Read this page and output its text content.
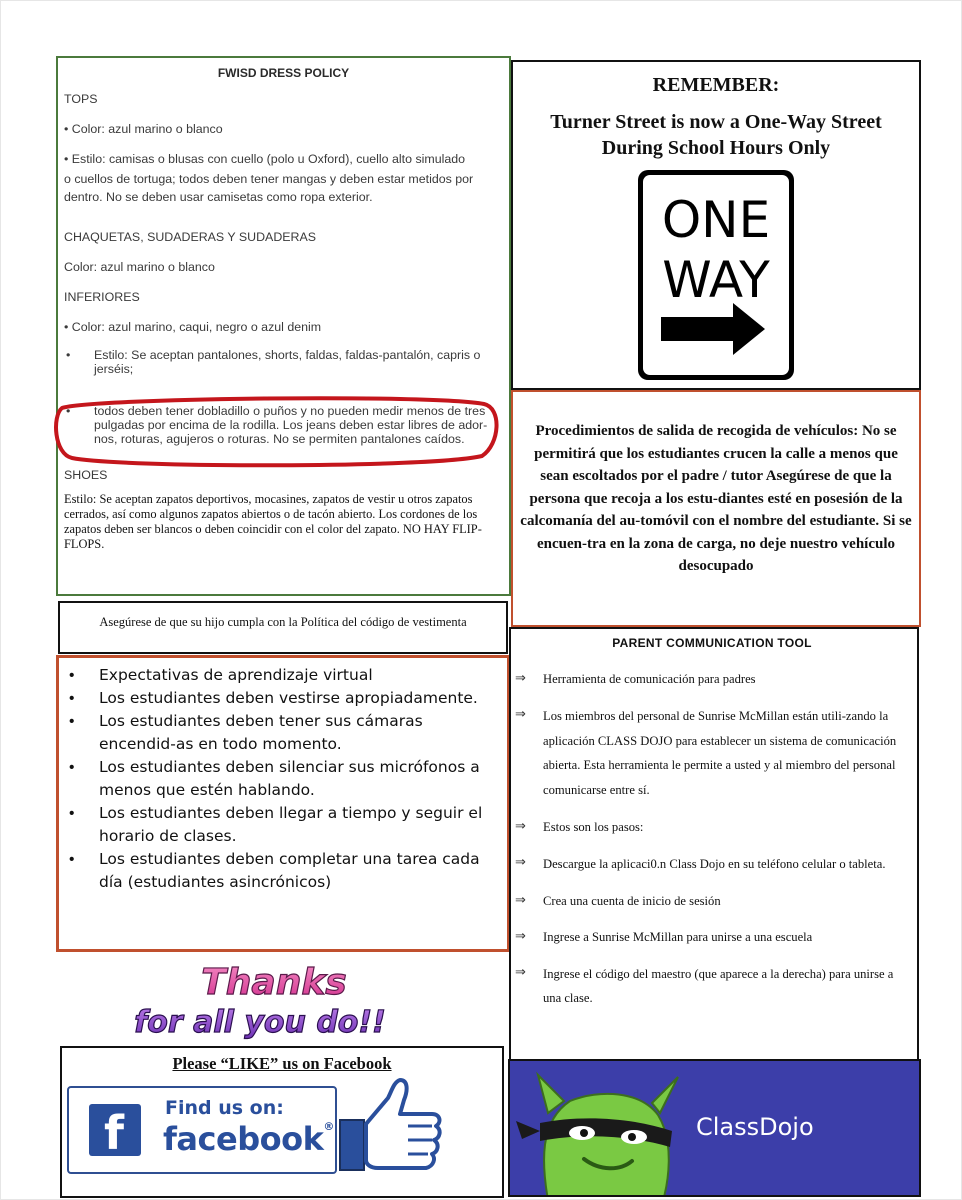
FWISD DRESS POLICY

TOPS

• Color: azul marino o blanco

• Estilo: camisas o blusas con cuello (polo u Oxford), cuello alto simulado

o cuellos de tortuga; todos deben tener mangas y deben estar metidos por dentro. No se deben usar camisetas como ropa exterior.

CHAQUETAS, SUDADERAS Y SUDADERAS

Color: azul marino o blanco

INFERIORES

• Color: azul marino, caqui, negro o azul denim

•	Estilo: Se aceptan pantalones, shorts, faldas, faldas-pantalón, capris o jerséis;
•	todos deben tener dobladillo o puños y no pueden medir menos de tres pulgadas por encima de la rodilla. Los jeans deben estar libres de ador-nos, roturas, agujeros o roturas. No se permiten pantalones caídos.

SHOES

Estilo: Se aceptan zapatos deportivos, mocasines, zapatos de vestir u otros zapatos cerrados, así como algunos zapatos abiertos o de tacón abierto. Los cordones de los zapatos deben ser blancos o deben coincidir con el color del zapato. NO HAY FLIP-FLOPS.
REMEMBER:
Turner Street is now a One-Way Street
During School Hours Only
ONE
WAY
Procedimientos de salida de recogida de vehículos: No se permitirá que los estudiantes crucen la calle a menos que sean escoltados por el padre / tutor Asegúrese de que la persona que recoja a los estu-diantes esté en posesión de la calcomanía del au-tomóvil con el nombre del estudiante. Si se encuen-tra en la zona de carga, no deje nuestro vehículo desocupado
Asegúrese de que su hijo cumpla con la Política del código de vestimenta
•	Expectativas de aprendizaje virtual
•	Los estudiantes deben vestirse apropiadamente.
•	Los estudiantes deben tener sus cámaras encendid-as en todo momento.
•	Los estudiantes deben silenciar sus micrófonos a menos que estén hablando.
•	Los estudiantes deben llegar a tiempo y seguir el horario de clases.
•	Los estudiantes deben completar una tarea cada día (estudiantes asincrónicos)
Thanks
for all you do!!
PARENT COMMUNICATION TOOL
⇒	Herramienta de comunicación para padres
⇒	Los miembros del personal de Sunrise McMillan están utili-zando la aplicación CLASS DOJO para establecer un sistema de comunicación abierta. Esta herramienta le permite a usted y al miembro del personal comunicarse entre sí.
⇒	Estos son los pasos:
⇒	Descargue la aplicaci0.n Class Dojo en su teléfono celular o tableta.
⇒	Crea una cuenta de inicio de sesión
⇒	Ingrese a Sunrise McMillan para unirse a una escuela
⇒	Ingrese el código del maestro (que aparece a la derecha) para unirse a una clase.
Please “LIKE” us on Facebook
f Find us on:
facebook®	ClassDojo
